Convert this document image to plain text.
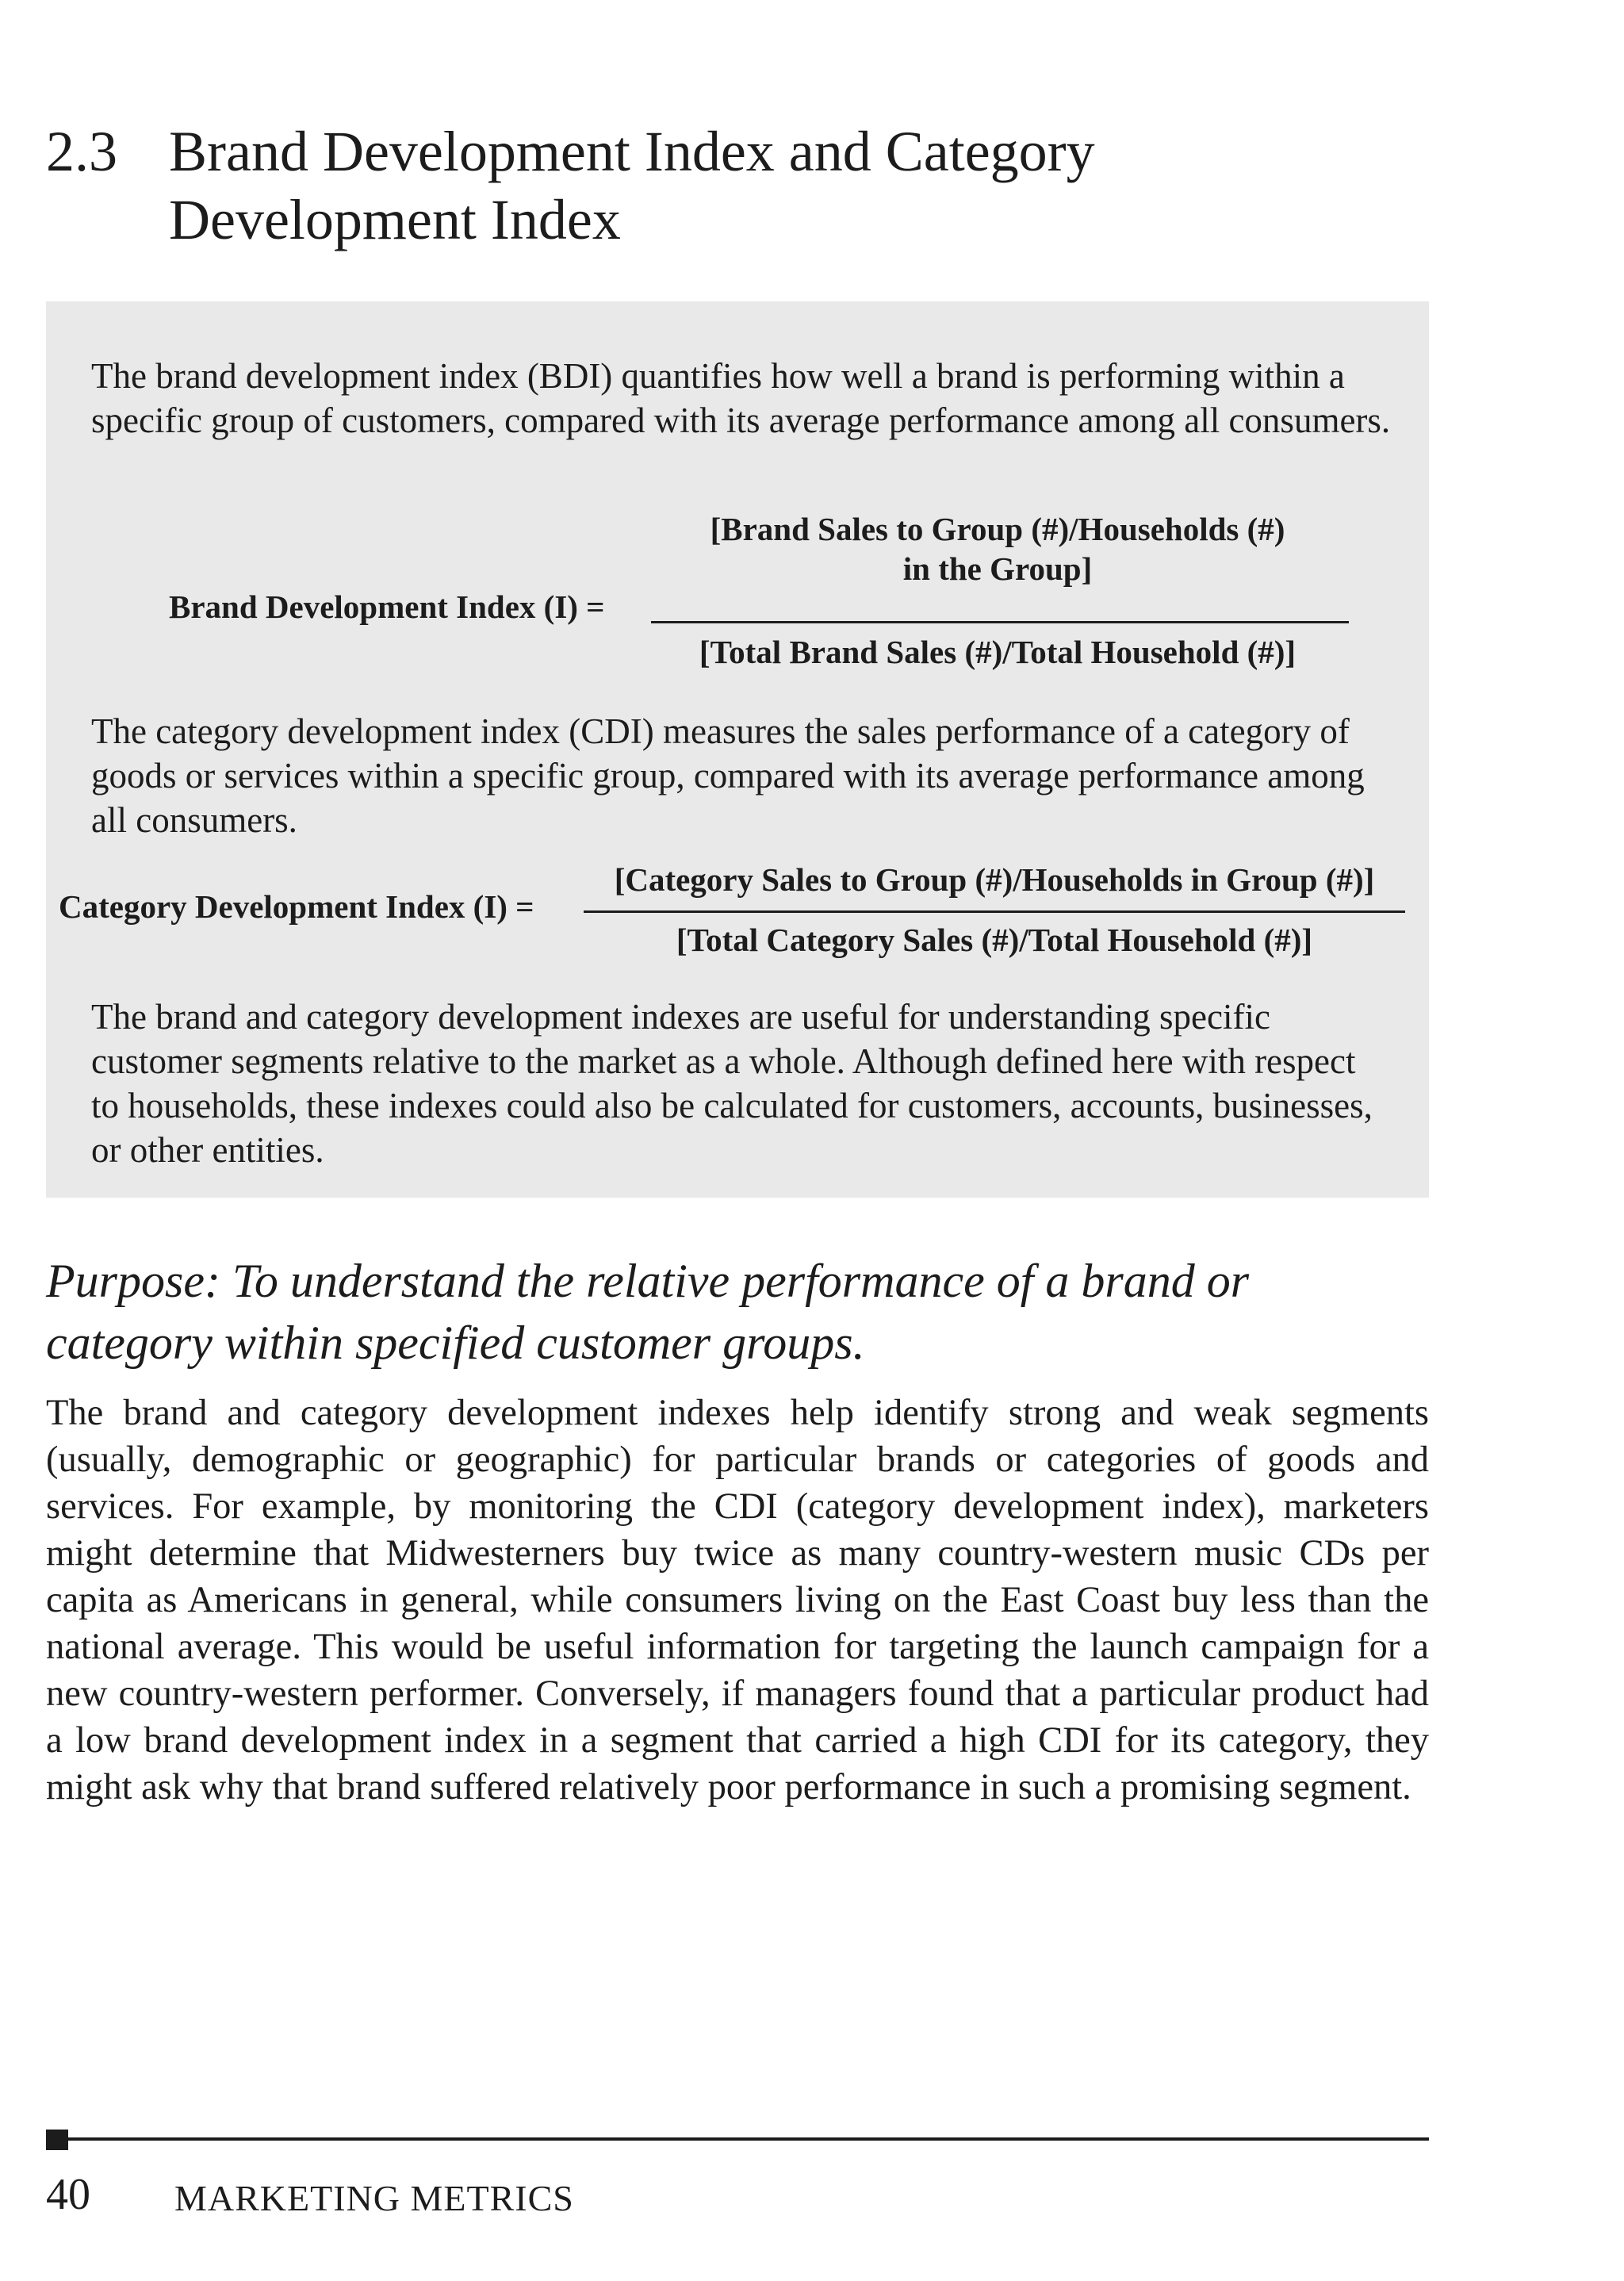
2.3 Brand Development Index and Category Development Index

The brand development index (BDI) quantifies how well a brand is performing within a specific group of customers, compared with its average performance among all consumers.

Brand Development Index (I) =
[Brand Sales to Group (#)/Households (#)
in the Group]
[Total Brand Sales (#)/Total Household (#)]

The category development index (CDI) measures the sales performance of a category of goods or services within a specific group, compared with its average performance among all consumers.

Category Development Index (I) =
[Category Sales to Group (#)/Households in Group (#)]
[Total Category Sales (#)/Total Household (#)]

The brand and category development indexes are useful for understanding specific customer segments relative to the market as a whole. Although defined here with respect to households, these indexes could also be calculated for customers, accounts, businesses, or other entities.

Purpose: To understand the relative performance of a brand or category within specified customer groups.

The brand and category development indexes help identify strong and weak segments (usually, demographic or geographic) for particular brands or categories of goods and services. For example, by monitoring the CDI (category development index), marketers might determine that Midwesterners buy twice as many country-western music CDs per capita as Americans in general, while consumers living on the East Coast buy less than the national average. This would be useful information for targeting the launch campaign for a new country-western performer. Conversely, if managers found that a particular product had a low brand development index in a segment that carried a high CDI for its category, they might ask why that brand suffered relatively poor performance in such a promising segment.

40 MARKETING METRICS
